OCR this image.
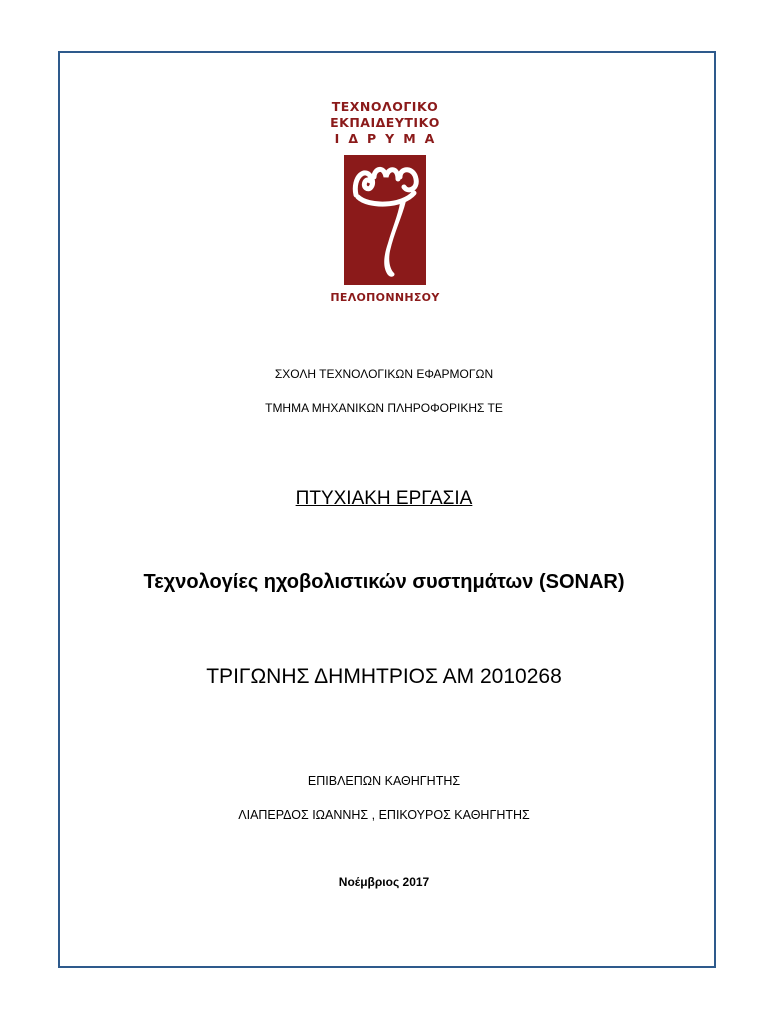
ΤΕΧΝΟΛΟΓΙΚΟ
ΕΚΠΑΙΔΕΥΤΙΚΟ
ΙΔΡΥΜΑ
ΠΕΛΟΠΟΝΝΗΣΟΥ
ΣΧΟΛΗ ΤΕΧΝΟΛΟΓΙΚΩΝ ΕΦΑΡΜΟΓΩΝ
ΤΜΗΜΑ ΜΗΧΑΝΙΚΩΝ ΠΛΗΡΟΦΟΡΙΚΗΣ ΤΕ
ΠΤΥΧΙΑΚΗ ΕΡΓΑΣΙΑ
Τεχνολογίες ηχοβολιστικών συστημάτων (SONAR)
ΤΡΙΓΩΝΗΣ ΔΗΜΗΤΡΙΟΣ ΑΜ 2010268
ΕΠΙΒΛΕΠΩΝ ΚΑΘΗΓΗΤΗΣ
ΛΙΑΠΕΡΔΟΣ ΙΩΑΝΝΗΣ , ΕΠΙΚΟΥΡΟΣ ΚΑΘΗΓΗΤΗΣ
Νοέμβριος 2017
